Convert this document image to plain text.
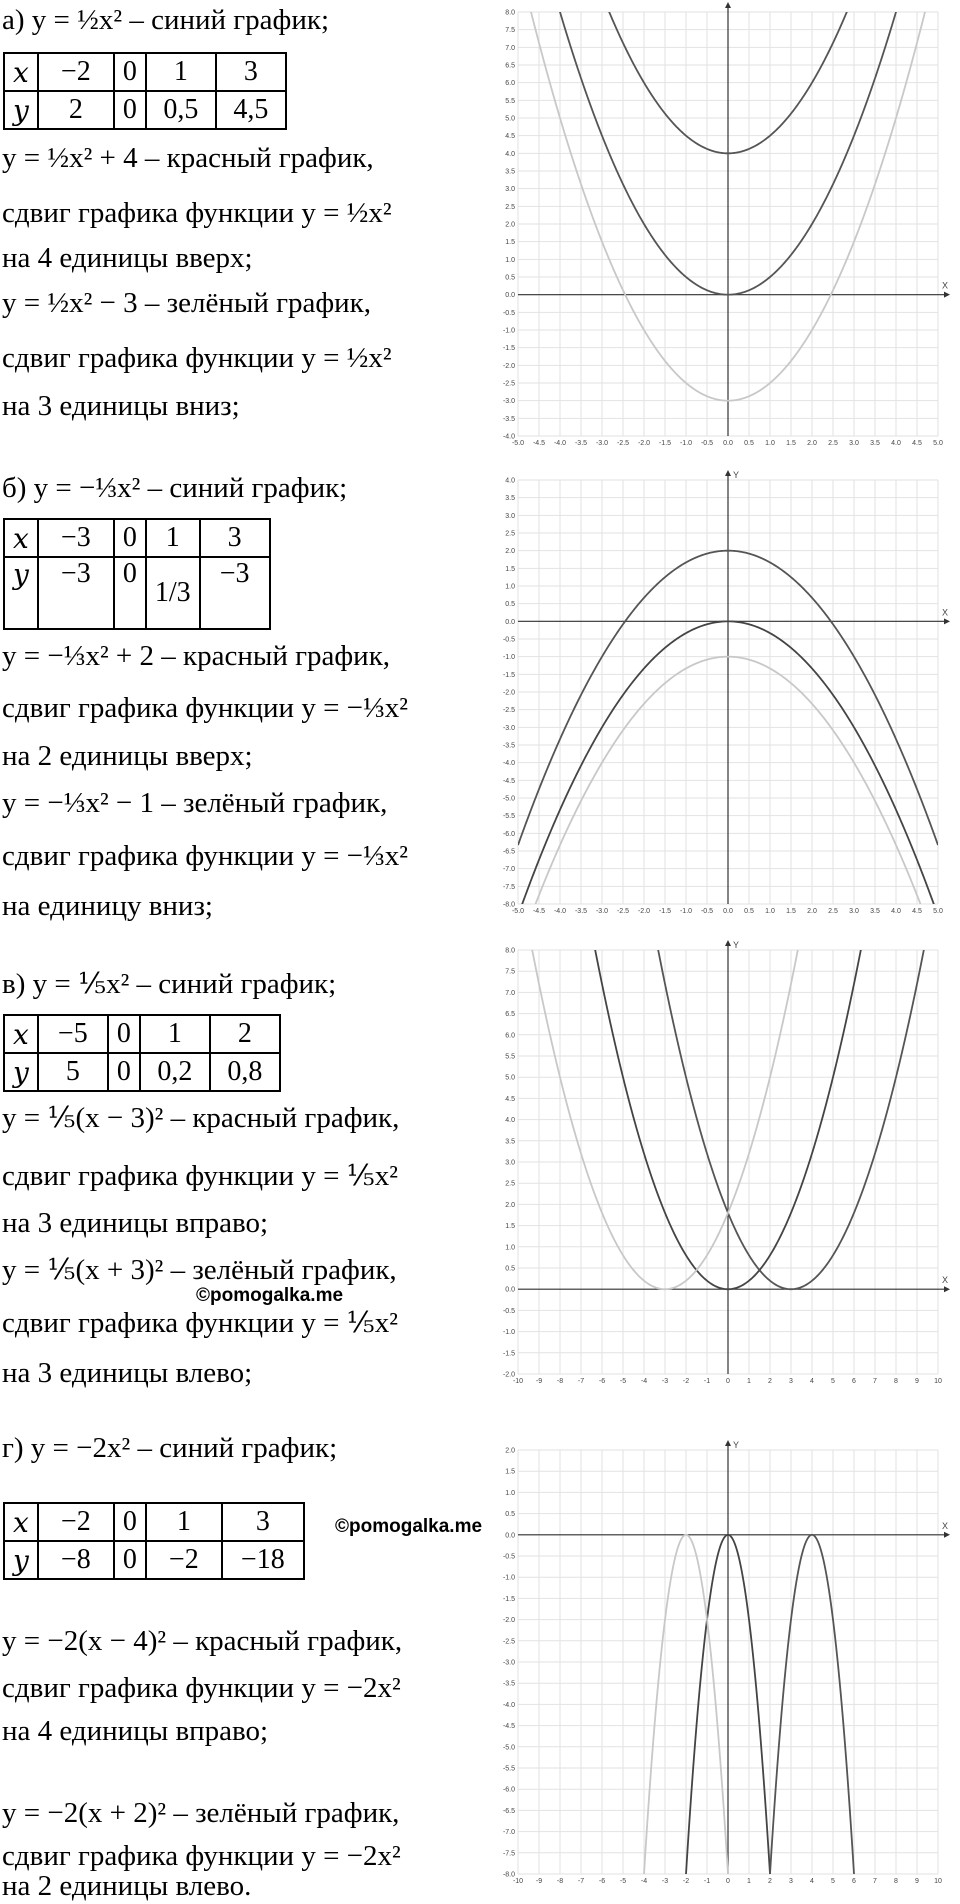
а) y = ½x² – синий график;
x	−2	0	1	3
y	2	0	0,5	4,5
y = ½x² + 4 – красный график,
сдвиг графика функции y = ½x²
на 4 единицы вверх;
y = ½x² − 3 – зелёный график,
сдвиг графика функции y = ½x²
на 3 единицы вниз;
б) y = −⅓x² – синий график;
x	−3	0	1	3
y	−3	0	1/3	−3
y = −⅓x² + 2 – красный график,
сдвиг графика функции y = −⅓x²
на 2 единицы вверх;
y = −⅓x² − 1 – зелёный график,
сдвиг графика функции y = −⅓x²
на единицу вниз;
в) y = ⅕x² – синий график;
x	−5	0	1	2
y	5	0	0,2	0,8
y = ⅕(x − 3)² – красный график,
сдвиг графика функции y = ⅕x²
на 3 единицы вправо;
y = ⅕(x + 3)² – зелёный график,
©pomogalka.me
сдвиг графика функции y = ⅕x²
на 3 единицы влево;
г) y = −2x² – синий график;
x	−2	0	1	3
y	−8	0	−2	−18
©pomogalka.me
y = −2(x − 4)² – красный график,
сдвиг графика функции y = −2x²
на 4 единицы вправо;
y = −2(x + 2)² – зелёный график,
сдвиг графика функции y = −2x²
на 2 единицы влево.
-5.0 -4.5 -4.0 -3.5 -3.0 -2.5 -2.0 -1.5 -1.0 -0.5 0.0 0.5 1.0 1.5 2.0 2.5 3.0 3.5 4.0 4.5 5.0
-4.0
-3.5
-3.0
-2.5
-2.0
-1.5
-1.0
-0.5
0.0
0.5
1.0
1.5
2.0
2.5
3.0
3.5
4.0
4.5
5.0
5.5
6.0
6.5
7.0
7.5
8.0
X
-5.0 -4.5 -4.0 -3.5 -3.0 -2.5 -2.0 -1.5 -1.0 -0.5 0.0 0.5 1.0 1.5 2.0 2.5 3.0 3.5 4.0 4.5 5.0
-8.0
-7.5
-7.0
-6.5
-6.0
-5.5
-5.0
-4.5
-4.0
-3.5
-3.0
-2.5
-2.0
-1.5
-1.0
-0.5
0.0
0.5
1.0
1.5
2.0
2.5
3.0
3.5
4.0
X
Y
-10 -9 -8 -7 -6 -5 -4 -3 -2 -1 0 1 2 3 4 5 6 7 8 9 10
-2.0
-1.5
-1.0
-0.5
0.0
0.5
1.0
1.5
2.0
2.5
3.0
3.5
4.0
4.5
5.0
5.5
6.0
6.5
7.0
7.5
8.0
X
Y
-10 -9 -8 -7 -6 -5 -4 -3 -2 -1 0 1 2 3 4 5 6 7 8 9 10
-8.0
-7.5
-7.0
-6.5
-6.0
-5.5
-5.0
-4.5
-4.0
-3.5
-3.0
-2.5
-2.0
-1.5
-1.0
-0.5
0.0
0.5
1.0
1.5
2.0
X
Y
